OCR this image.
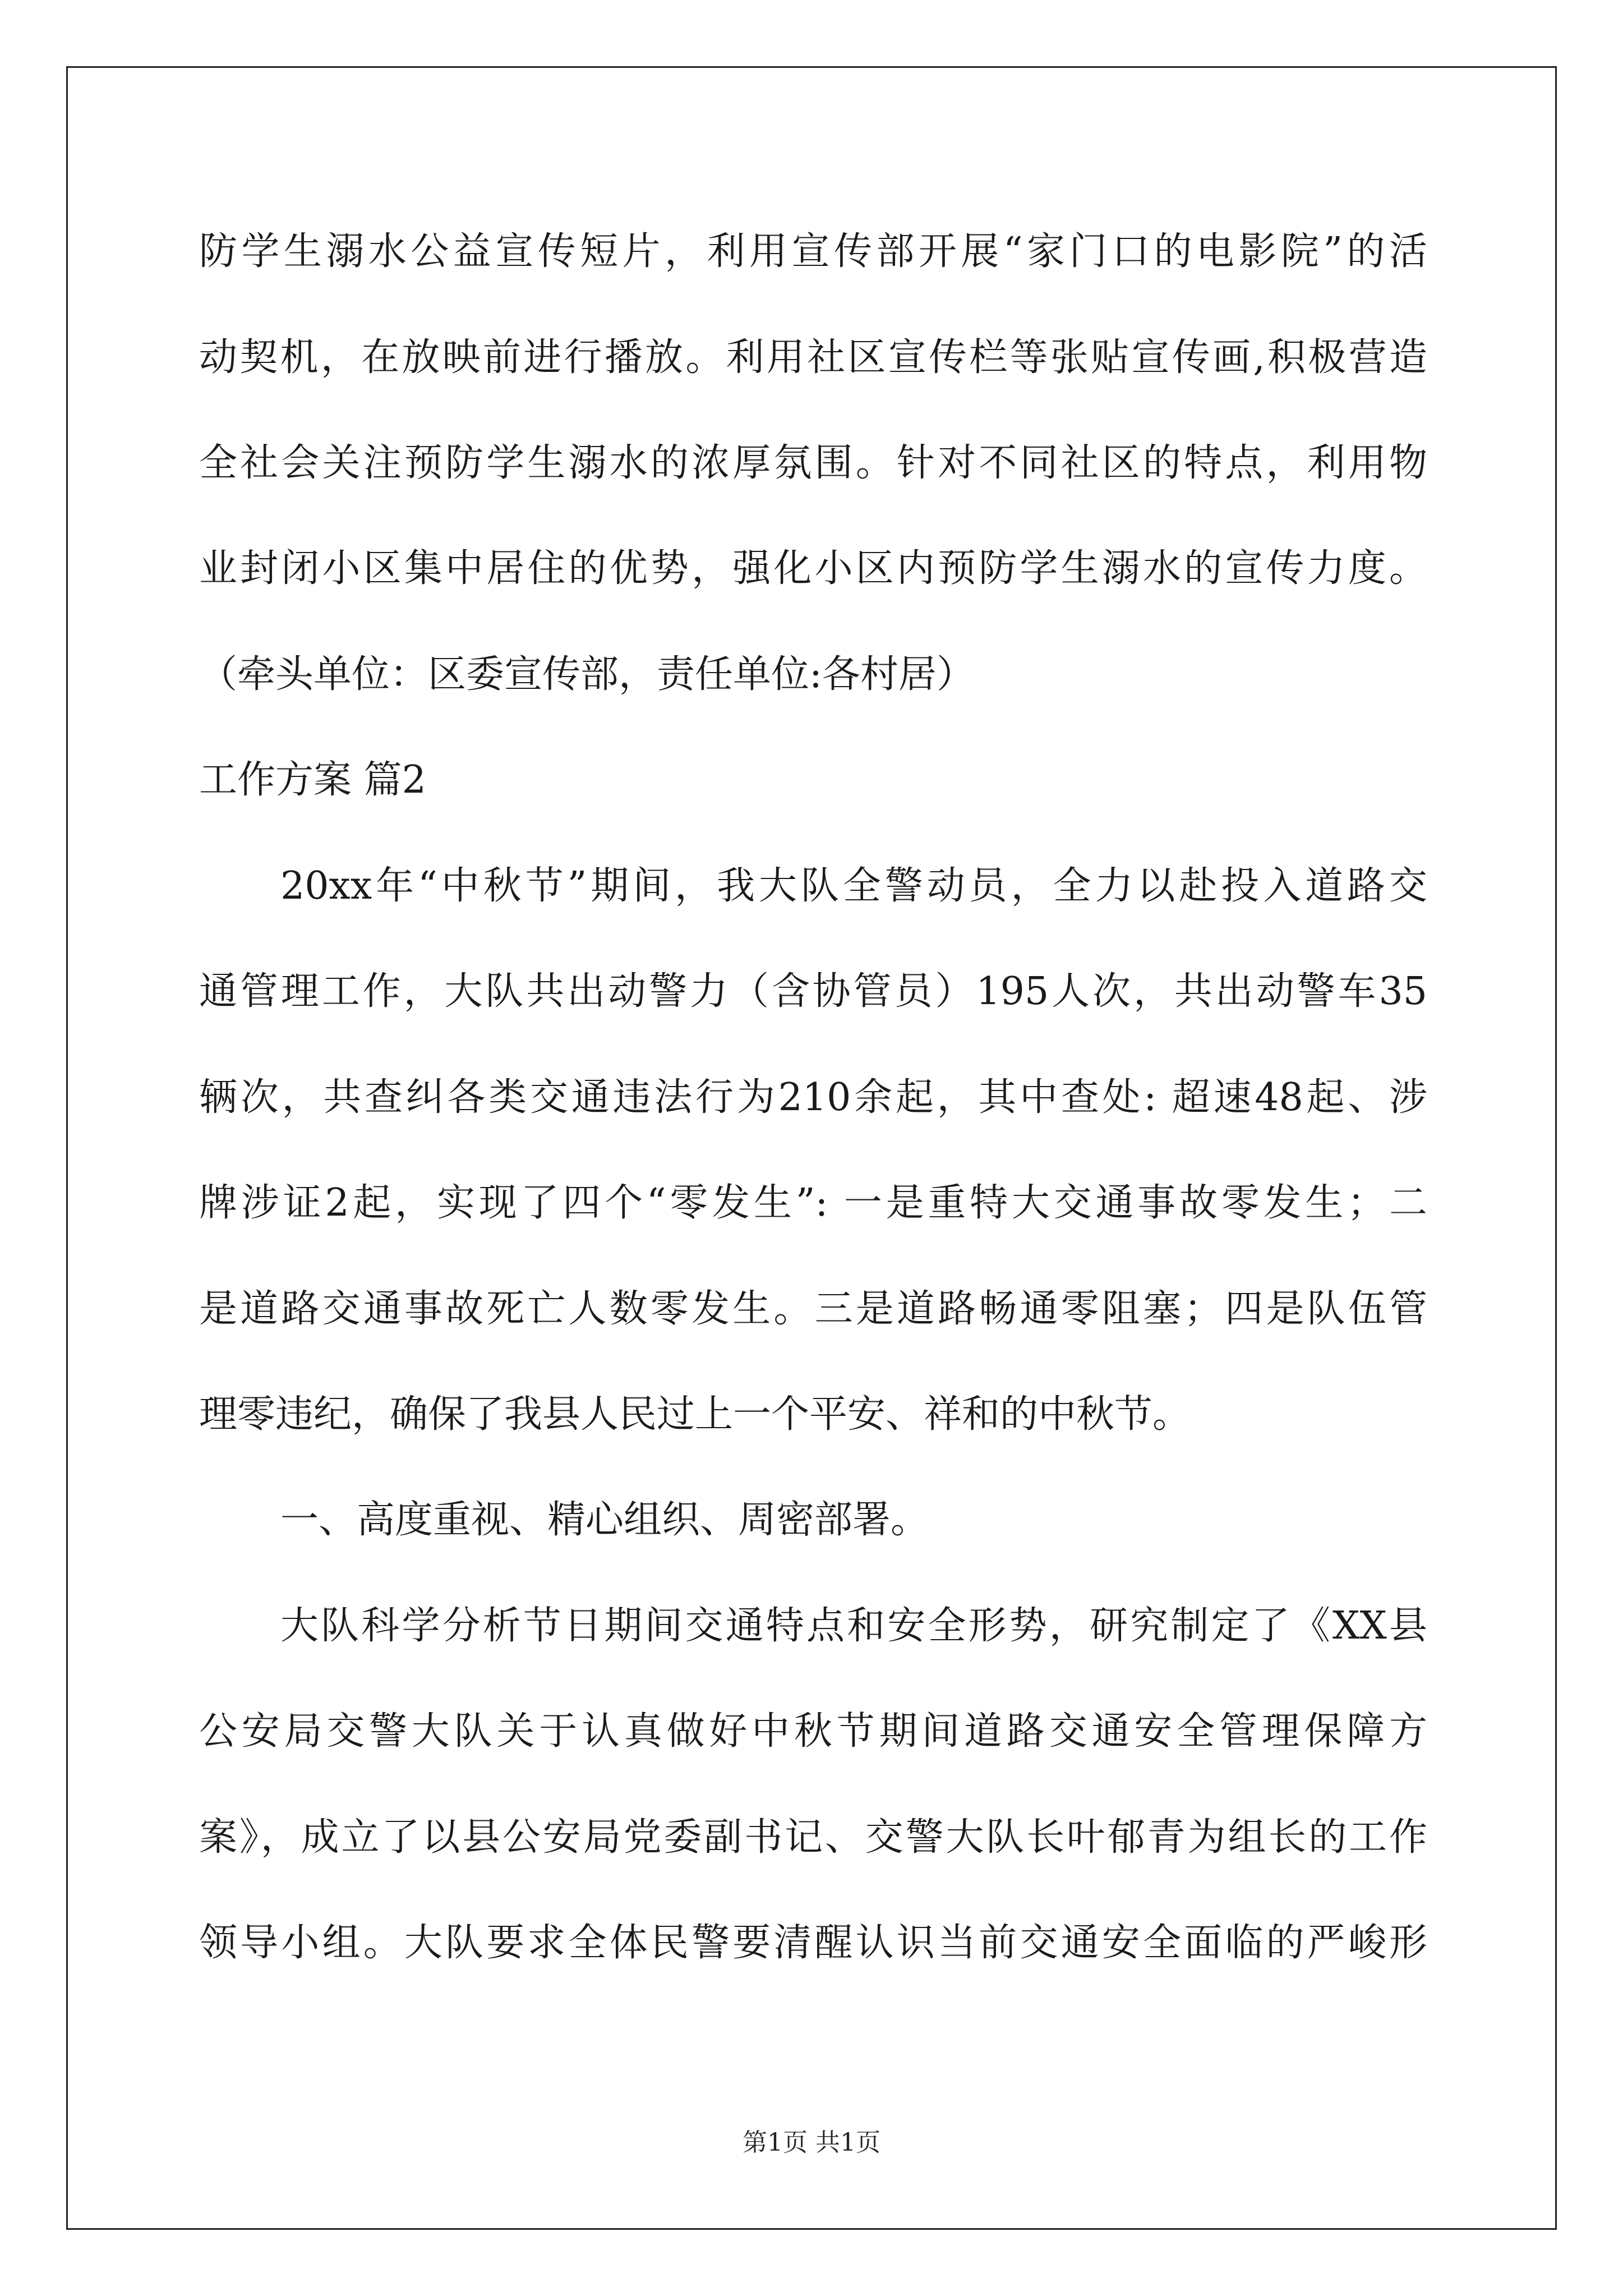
防学生溺水公益宣传短片，利用宣传部开展“家门口的电影院”的活
动契机，在放映前进行播放。利用社区宣传栏等张贴宣传画,积极营造
全社会关注预防学生溺水的浓厚氛围。针对不同社区的特点，利用物
业封闭小区集中居住的优势，强化小区内预防学生溺水的宣传力度。
（牵头单位：区委宣传部，责任单位:各村居）
工作方案 篇2
20xx年“中秋节”期间，我大队全警动员，全力以赴投入道路交
通管理工作，大队共出动警力（含协管员）195人次，共出动警车35
辆次，共查纠各类交通违法行为210余起，其中查处: 超速48起、涉
牌涉证2起，实现了四个“零发生”: 一是重特大交通事故零发生；二
是道路交通事故死亡人数零发生。三是道路畅通零阻塞；四是队伍管
理零违纪，确保了我县人民过上一个平安、祥和的中秋节。
一、高度重视、精心组织、周密部署。
大队科学分析节日期间交通特点和安全形势，研究制定了《XX县
公安局交警大队关于认真做好中秋节期间道路交通安全管理保障方
案》，成立了以县公安局党委副书记、交警大队长叶郁青为组长的工作
领导小组。大队要求全体民警要清醒认识当前交通安全面临的严峻形
第1页 共1页
